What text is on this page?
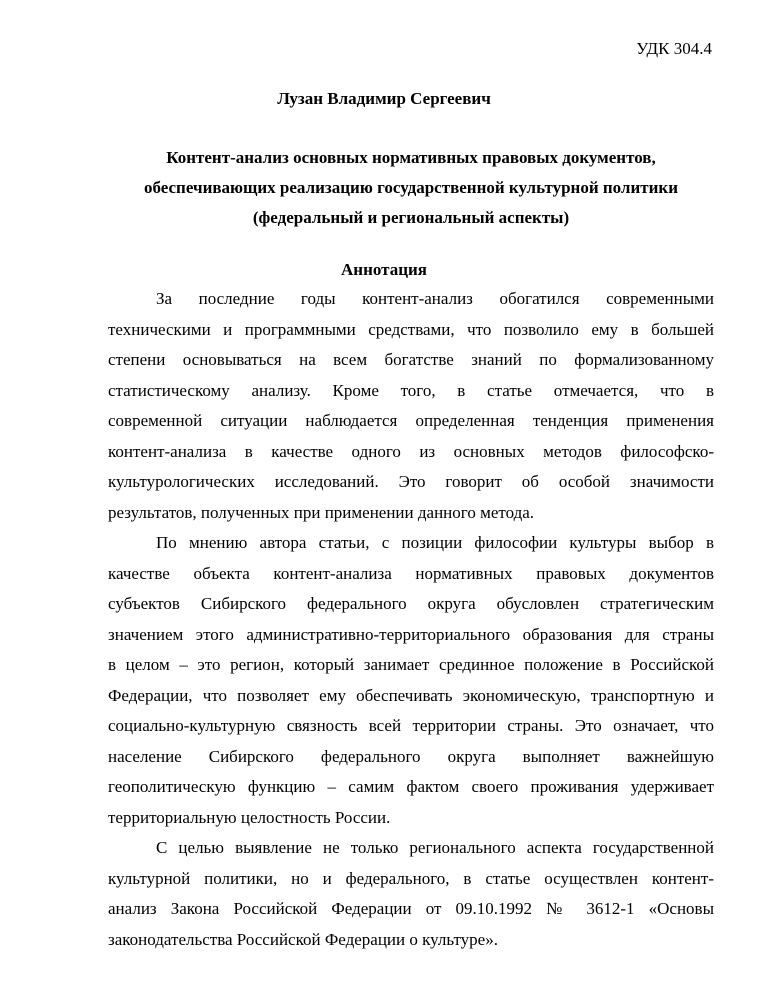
УДК 304.4
Лузан Владимир Сергеевич
Контент-анализ основных нормативных правовых документов,
обеспечивающих реализацию государственной культурной политики
(федеральный и региональный аспекты)
Аннотация
За последние годы контент-анализ обогатился современными
техническими и программными средствами, что позволило ему в большей
степени основываться на всем богатстве знаний по формализованному
статистическому анализу. Кроме того, в статье отмечается, что в
современной ситуации наблюдается определенная тенденция применения
контент-анализа в качестве одного из основных методов философско-
культурологических исследований. Это говорит об особой значимости
результатов, полученных при применении данного метода.
По мнению автора статьи, с позиции философии культуры выбор в
качестве объекта контент-анализа нормативных правовых документов
субъектов Сибирского федерального округа обусловлен стратегическим
значением этого административно-территориального образования для страны
в целом – это регион, который занимает срединное положение в Российской
Федерации, что позволяет ему обеспечивать экономическую, транспортную и
социально-культурную связность всей территории страны. Это означает, что
население Сибирского федерального округа выполняет важнейшую
геополитическую функцию – самим фактом своего проживания удерживает
территориальную целостность России.
С целью выявление не только регионального аспекта государственной
культурной политики, но и федерального, в статье осуществлен контент-
анализ Закона Российской Федерации от 09.10.1992 № 3612-1 «Основы
законодательства Российской Федерации о культуре».
